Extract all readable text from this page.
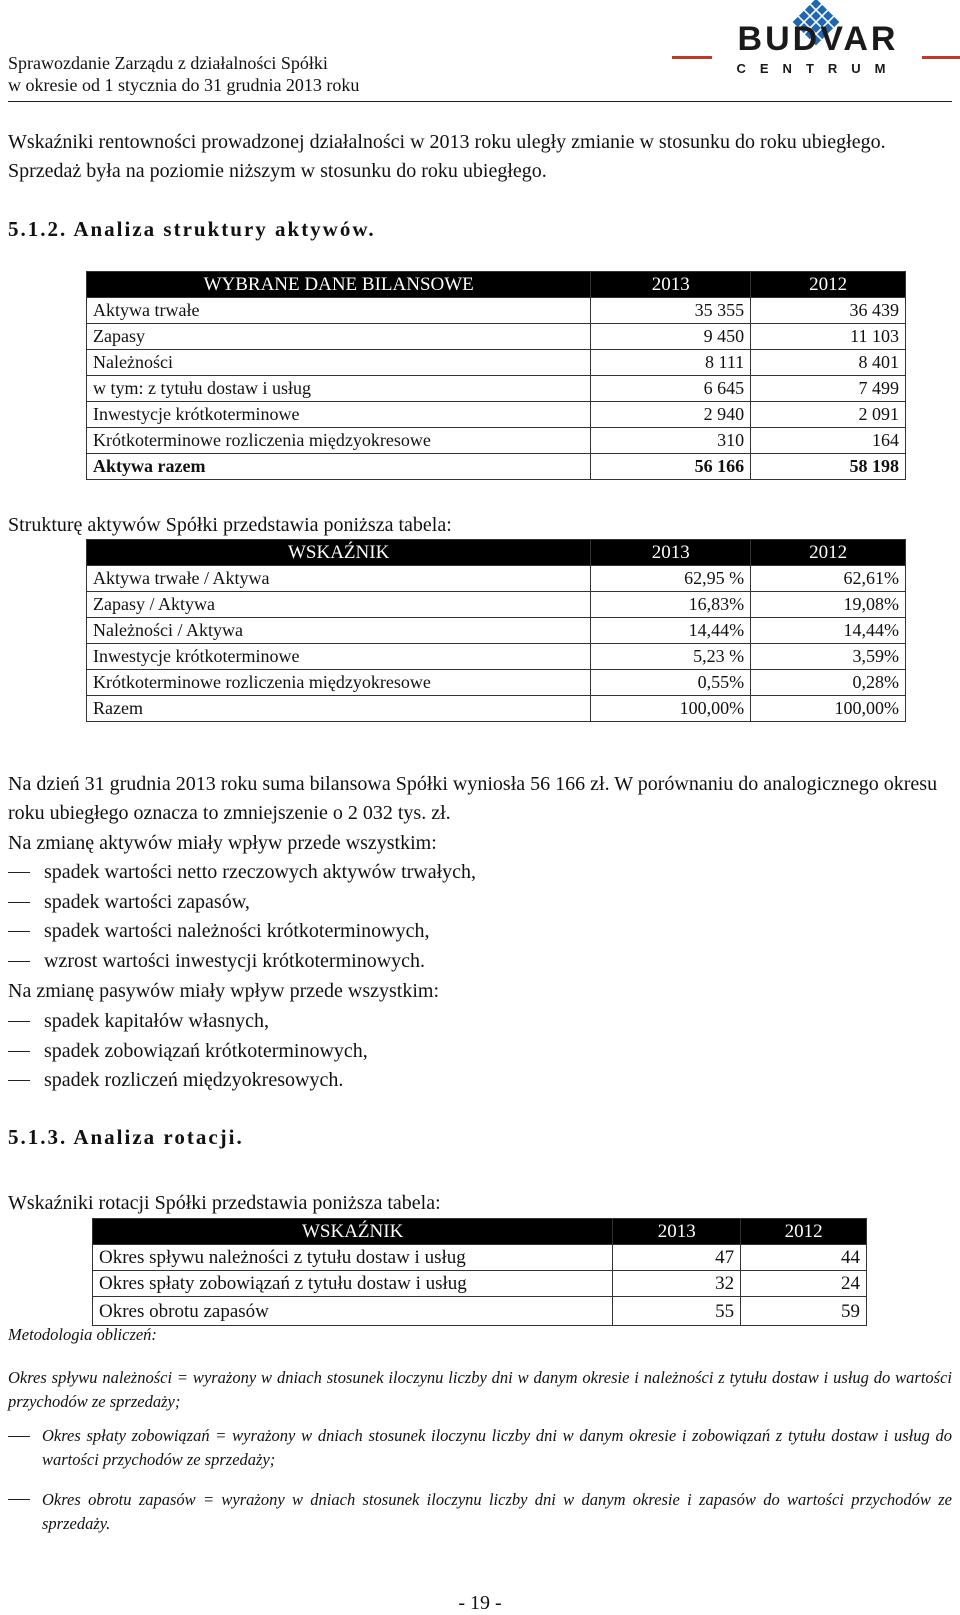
Sprawozdanie Zarządu z działalności Spółki
w okresie od 1 stycznia do 31 grudnia 2013 roku
BUDVAR
CENTRUM
Wskaźniki rentowności prowadzonej działalności w 2013 roku uległy zmianie w stosunku do roku ubiegłego. Sprzedaż była na poziomie niższym w stosunku do roku ubiegłego.
5.1.2. Analiza struktury aktywów.
WYBRANE DANE BILANSOWE	2013	2012
Aktywa trwałe	35 355	36 439
Zapasy	9 450	11 103
Należności	8 111	8 401
w tym: z tytułu dostaw i usług	6 645	7 499
Inwestycje krótkoterminowe	2 940	2 091
Krótkoterminowe rozliczenia międzyokresowe	310	164
Aktywa razem	56 166	58 198
Strukturę aktywów Spółki przedstawia poniższa tabela:
WSKAŹNIK	2013	2012
Aktywa trwałe / Aktywa	62,95 %	62,61%
Zapasy / Aktywa	16,83%	19,08%
Należności / Aktywa	14,44%	14,44%
Inwestycje krótkoterminowe	5,23 %	3,59%
Krótkoterminowe rozliczenia międzyokresowe	0,55%	0,28%
Razem	100,00%	100,00%
Na dzień 31 grudnia 2013 roku suma bilansowa Spółki wyniosła 56 166 zł. W porównaniu do analogicznego okresu roku ubiegłego oznacza to zmniejszenie o 2 032 tys. zł.
Na zmianę aktywów miały wpływ przede wszystkim:
spadek wartości netto rzeczowych aktywów trwałych,
spadek wartości zapasów,
spadek wartości należności krótkoterminowych,
wzrost wartości inwestycji krótkoterminowych.
Na zmianę pasywów miały wpływ przede wszystkim:
spadek kapitałów własnych,
spadek zobowiązań krótkoterminowych,
spadek rozliczeń międzyokresowych.
5.1.3. Analiza rotacji.
Wskaźniki rotacji Spółki przedstawia poniższa tabela:
WSKAŹNIK	2013	2012
Okres spływu należności z tytułu dostaw i usług	47	44
Okres spłaty zobowiązań z tytułu dostaw i usług	32	24
Okres obrotu zapasów	55	59
Metodologia obliczeń:
Okres spływu należności = wyrażony w dniach stosunek iloczynu liczby dni w danym okresie i należności z tytułu dostaw i usług do wartości przychodów ze sprzedaży;
Okres spłaty zobowiązań = wyrażony w dniach stosunek iloczynu liczby dni w danym okresie i zobowiązań z tytułu dostaw i usług do wartości przychodów ze sprzedaży;
Okres obrotu zapasów = wyrażony w dniach stosunek iloczynu liczby dni w danym okresie i zapasów do wartości przychodów ze sprzedaży.
- 19 -
